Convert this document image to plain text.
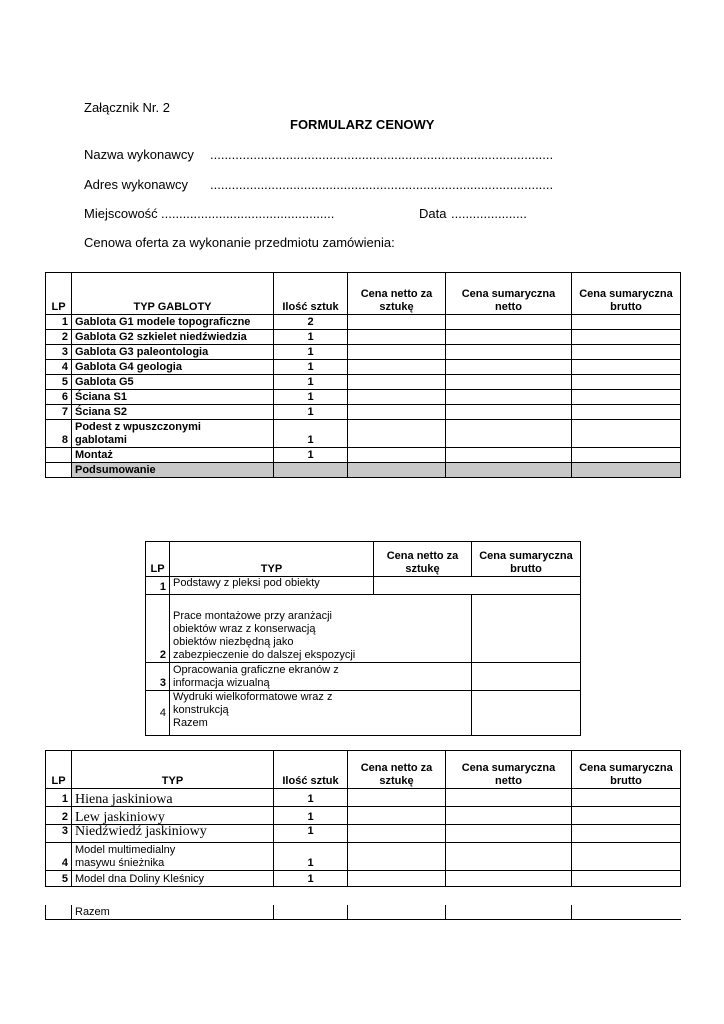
Załącznik Nr. 2
FORMULARZ CENOWY
Nazwa wykonawcy ...............................................................................................
Adres wykonawcy ...............................................................................................
Miejscowość ................................................	Data .....................
Cenowa oferta za wykonanie przedmiotu zamówienia:
LP	TYP GABLOTY	Ilość sztuk	Cena netto za sztukę	Cena sumaryczna netto	Cena sumaryczna brutto
1	Gablota G1 modele topograficzne	2			
2	Gablota G2 szkielet niedźwiedzia	1			
3	Gablota G3 paleontologia	1			
4	Gablota G4 geologia	1			
5	Gablota G5	1			
6	Ściana S1	1			
7	Ściana S2	1			
8	Podest z wpuszczonymi gablotami	1			
	Montaż	1			
	Podsumowanie				
LP	TYP	Cena netto za sztukę	Cena sumaryczna brutto
1	Podstawy z pleksi pod obiekty		
2	Prace montażowe przy aranżacji obiektów wraz z konserwacją obiektów niezbędną jako zabezpieczenie do dalszej ekspozycji		
3	Opracowania graficzne ekranów z informacja wizualną		
4	Wydruki wielkoformatowe wraz z konstrukcją
Razem		

LP	TYP	Ilość sztuk	Cena netto za sztukę	Cena sumaryczna netto	Cena sumaryczna brutto
1	Hiena jaskiniowa	1			
2	Lew jaskiniowy	1			
3	Niedźwiedź jaskiniowy	1			
4	Model multimedialny masywu śnieżnika	1			
5	Model dna Doliny Kleśnicy	1			
	Razem				
